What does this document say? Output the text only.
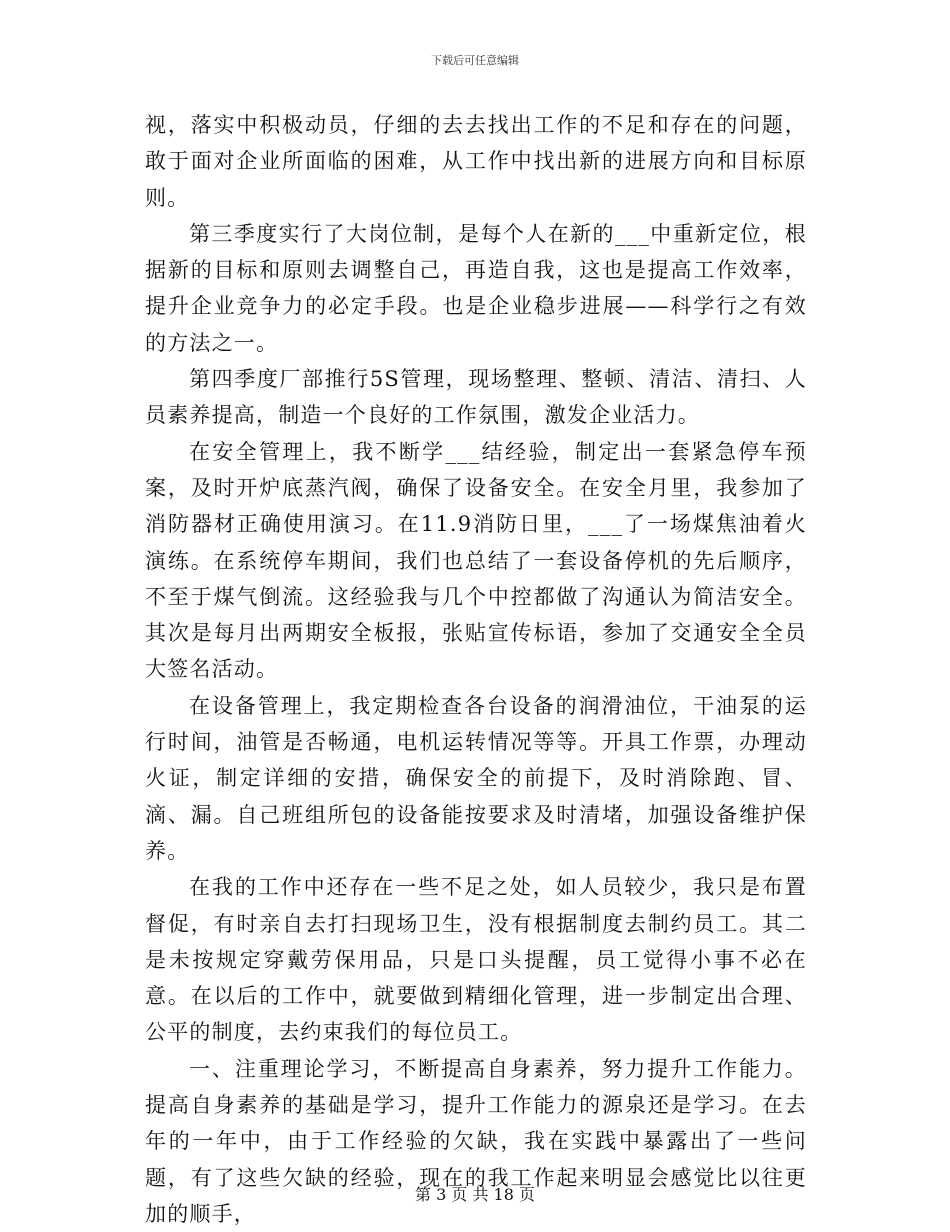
下载后可任意编辑

视，落实中积极动员，仔细的去去找出工作的不足和存在的问题，敢于面对企业所面临的困难，从工作中找出新的进展方向和目标原则。

第三季度实行了大岗位制，是每个人在新的___中重新定位，根据新的目标和原则去调整自己，再造自我，这也是提高工作效率，提升企业竞争力的必定手段。也是企业稳步进展——科学行之有效的方法之一。

第四季度厂部推行5S管理，现场整理、整顿、清洁、清扫、人员素养提高，制造一个良好的工作氛围，激发企业活力。

在安全管理上，我不断学___结经验，制定出一套紧急停车预案，及时开炉底蒸汽阀，确保了设备安全。在安全月里，我参加了消防器材正确使用演习。在11.9消防日里，___了一场煤焦油着火演练。在系统停车期间，我们也总结了一套设备停机的先后顺序，不至于煤气倒流。这经验我与几个中控都做了沟通认为简洁安全。其次是每月出两期安全板报，张贴宣传标语，参加了交通安全全员大签名活动。

在设备管理上，我定期检查各台设备的润滑油位，干油泵的运行时间，油管是否畅通，电机运转情况等等。开具工作票，办理动火证，制定详细的安措，确保安全的前提下，及时消除跑、冒、滴、漏。自己班组所包的设备能按要求及时清堵，加强设备维护保养。

在我的工作中还存在一些不足之处，如人员较少，我只是布置督促，有时亲自去打扫现场卫生，没有根据制度去制约员工。其二是未按规定穿戴劳保用品，只是口头提醒，员工觉得小事不必在意。在以后的工作中，就要做到精细化管理，进一步制定出合理、公平的制度，去约束我们的每位员工。

一、注重理论学习，不断提高自身素养，努力提升工作能力。提高自身素养的基础是学习，提升工作能力的源泉还是学习。在去年的一年中，由于工作经验的欠缺，我在实践中暴露出了一些问题，有了这些欠缺的经验，现在的我工作起来明显会感觉比以往更加的顺手，

第 3 页 共 18 页
